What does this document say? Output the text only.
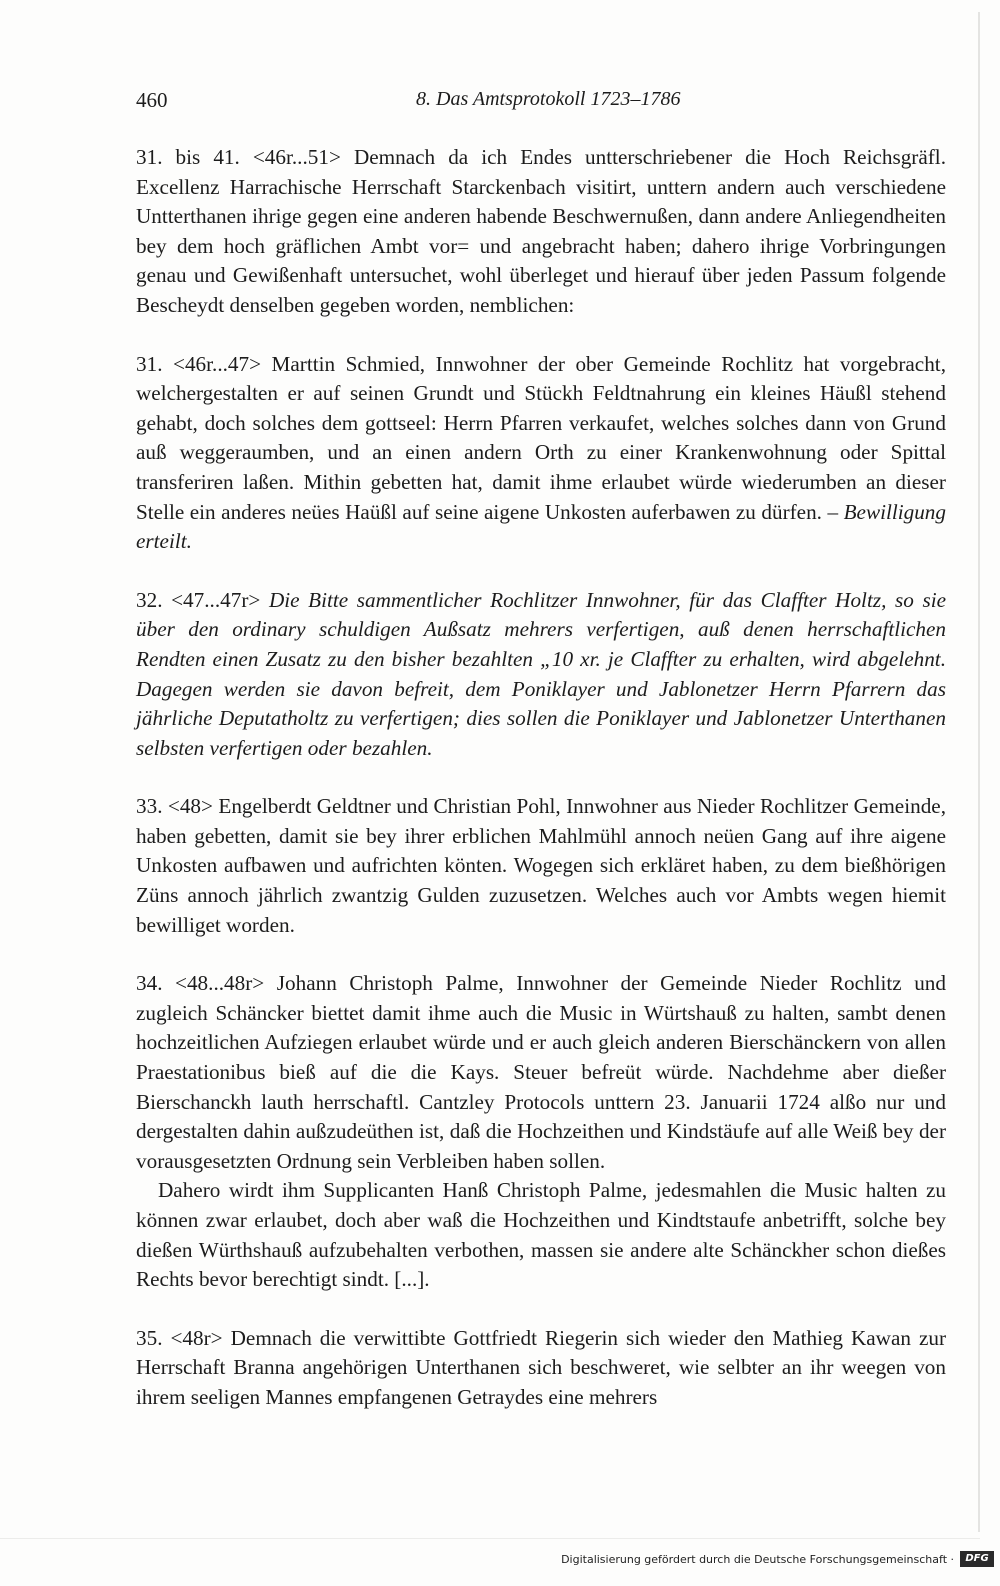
460	8. Das Amtsprotokoll 1723–1786

31. bis 41. <46r...51> Demnach da ich Endes untterschriebener die Hoch Reichsgräfl. Excellenz Harrachische Herrschaft Starckenbach visitirt, unttern andern auch verschiedene Untterthanen ihrige gegen eine anderen habende Beschwernußen, dann andere Anliegendheiten bey dem hoch gräflichen Ambt vor= und angebracht haben; dahero ihrige Vorbringungen genau und Gewißenhaft untersuchet, wohl überleget und hierauf über jeden Passum folgende Bescheydt denselben gegeben worden, nemblichen:

31. <46r...47> Marttin Schmied, Innwohner der ober Gemeinde Rochlitz hat vorgebracht, welchergestalten er auf seinen Grundt und Stückh Feldtnahrung ein kleines Häußl stehend gehabt, doch solches dem gottseel: Herrn Pfarren verkaufet, welches solches dann von Grund auß weggeraumben, und an einen andern Orth zu einer Krankenwohnung oder Spittal transferiren laßen. Mithin gebetten hat, damit ihme erlaubet würde wiederumben an dieser Stelle ein anderes neües Haüßl auf seine aigene Unkosten auferbawen zu dürfen. – Bewilligung erteilt.

32. <47...47r> Die Bitte sammentlicher Rochlitzer Innwohner, für das Claffter Holtz, so sie über den ordinary schuldigen Außsatz mehrers verfertigen, auß denen herrschaftlichen Rendten einen Zusatz zu den bisher bezahlten „10 xr. je Claffter zu erhalten, wird abgelehnt. Dagegen werden sie davon befreit, dem Poniklayer und Jablonetzer Herrn Pfarrern das jährliche Deputatholtz zu verfertigen; dies sollen die Poniklayer und Jablonetzer Unterthanen selbsten verfertigen oder bezahlen.

33. <48> Engelberdt Geldtner und Christian Pohl, Innwohner aus Nieder Rochlitzer Gemeinde, haben gebetten, damit sie bey ihrer erblichen Mahlmühl annoch neüen Gang auf ihre aigene Unkosten aufbawen und aufrichten könten. Wogegen sich erkläret haben, zu dem bießhörigen Züns annoch jährlich zwantzig Gulden zuzusetzen. Welches auch vor Ambts wegen hiemit bewilliget worden.

34. <48...48r> Johann Christoph Palme, Innwohner der Gemeinde Nieder Rochlitz und zugleich Schäncker biettet damit ihme auch die Music in Würtshauß zu halten, sambt denen hochzeitlichen Aufziegen erlaubet würde und er auch gleich anderen Bierschänckern von allen Praestationibus bieß auf die die Kays. Steuer befreüt würde. Nachdehme aber dießer Bierschanckh lauth herrschaftl. Cantzley Protocols unttern 23. Januarii 1724 alßo nur und dergestalten dahin außzudeüthen ist, daß die Hochzeithen und Kindstäufe auf alle Weiß bey der vorausgesetzten Ordnung sein Verbleiben haben sollen.

Dahero wirdt ihm Supplicanten Hanß Christoph Palme, jedesmahlen die Music halten zu können zwar erlaubet, doch aber waß die Hochzeithen und Kindtstaufe anbetrifft, solche bey dießen Würthshauß aufzubehalten verbothen, massen sie andere alte Schänckher schon dießes Rechts bevor berechtigt sindt. [...].

35. <48r> Demnach die verwittibte Gottfriedt Riegerin sich wieder den Mathieg Kawan zur Herrschaft Branna angehörigen Unterthanen sich beschweret, wie selbter an ihr weegen von ihrem seeligen Mannes empfangenen Getraydes eine mehrers

Digitalisierung gefördert durch die Deutsche Forschungsgemeinschaft ·	DFG
